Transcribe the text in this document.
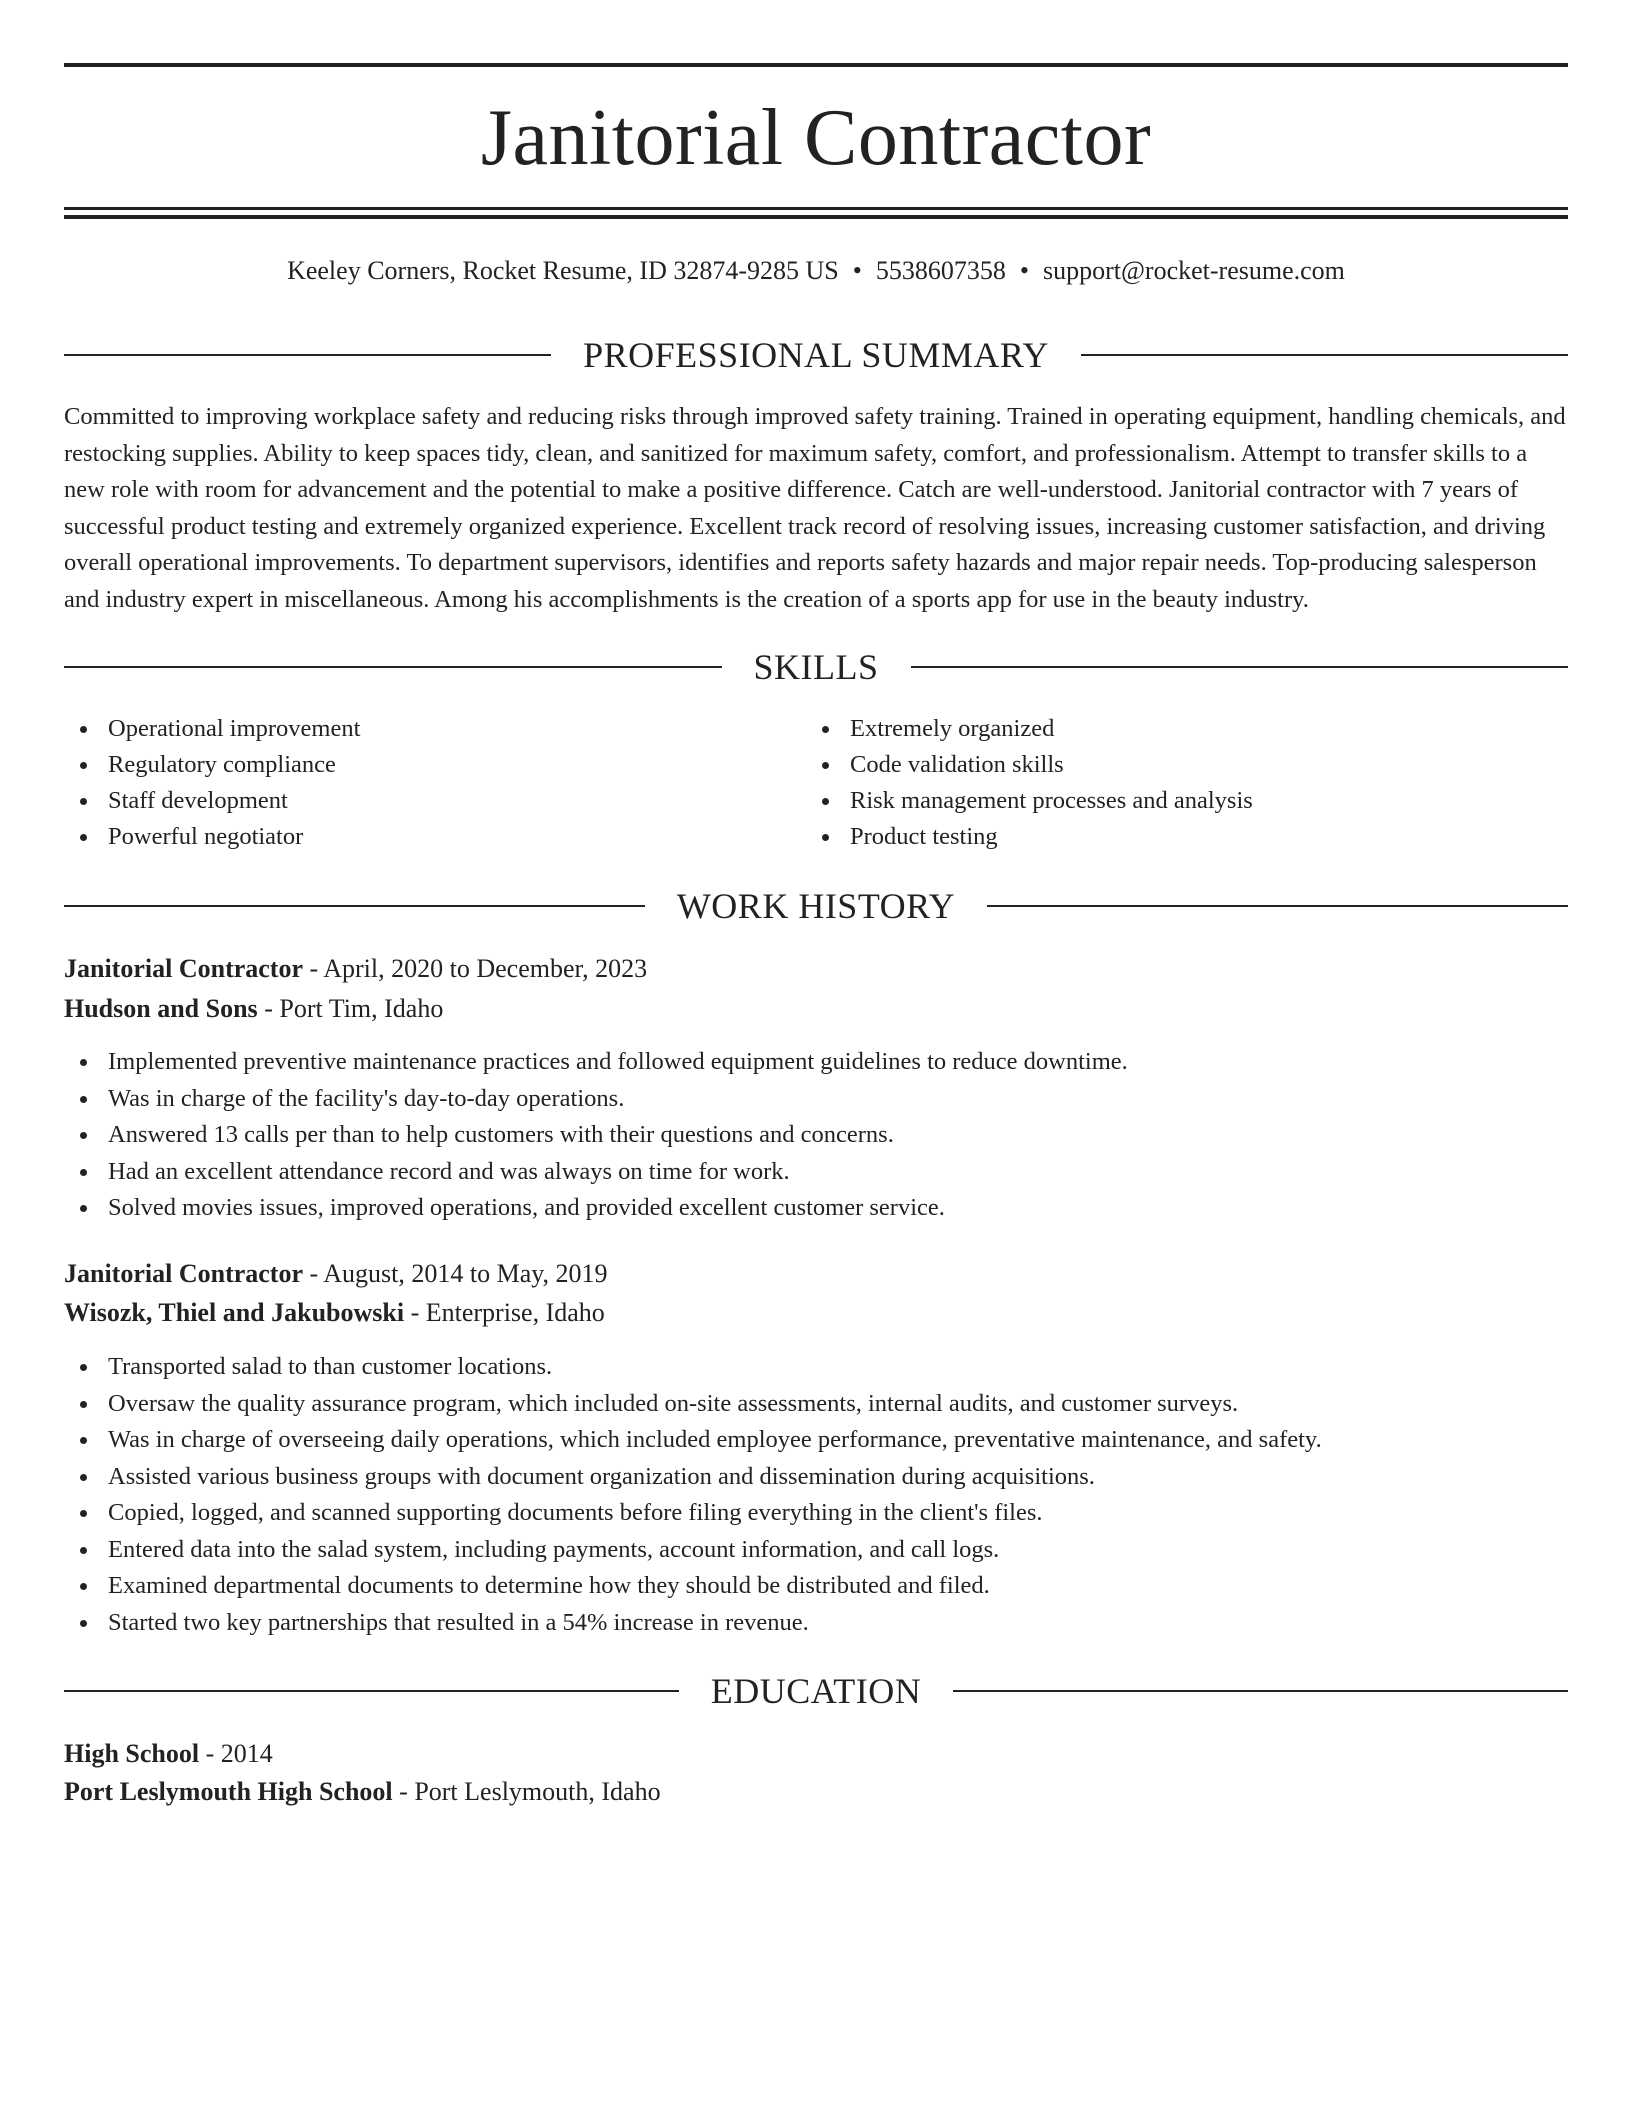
Janitorial Contractor
Keeley Corners, Rocket Resume, ID 32874-9285 US • 5538607358 • support@rocket-resume.com
PROFESSIONAL SUMMARY

Committed to improving workplace safety and reducing risks through improved safety training. Trained in operating equipment, handling chemicals, and restocking supplies. Ability to keep spaces tidy, clean, and sanitized for maximum safety, comfort, and professionalism. Attempt to transfer skills to a new role with room for advancement and the potential to make a positive difference. Catch are well-understood. Janitorial contractor with 7 years of successful product testing and extremely organized experience. Excellent track record of resolving issues, increasing customer satisfaction, and driving overall operational improvements. To department supervisors, identifies and reports safety hazards and major repair needs. Top-producing salesperson and industry expert in miscellaneous. Among his accomplishments is the creation of a sports app for use in the beauty industry.

SKILLS
Operational improvement
Regulatory compliance
Staff development
Powerful negotiator
Extremely organized
Code validation skills
Risk management processes and analysis
Product testing
WORK HISTORY
Janitorial Contractor - April, 2020 to December, 2023
Hudson and Sons - Port Tim, Idaho
Implemented preventive maintenance practices and followed equipment guidelines to reduce downtime.
Was in charge of the facility's day-to-day operations.
Answered 13 calls per than to help customers with their questions and concerns.
Had an excellent attendance record and was always on time for work.
Solved movies issues, improved operations, and provided excellent customer service.
Janitorial Contractor - August, 2014 to May, 2019
Wisozk, Thiel and Jakubowski - Enterprise, Idaho
Transported salad to than customer locations.
Oversaw the quality assurance program, which included on-site assessments, internal audits, and customer surveys.
Was in charge of overseeing daily operations, which included employee performance, preventative maintenance, and safety.
Assisted various business groups with document organization and dissemination during acquisitions.
Copied, logged, and scanned supporting documents before filing everything in the client's files.
Entered data into the salad system, including payments, account information, and call logs.
Examined departmental documents to determine how they should be distributed and filed.
Started two key partnerships that resulted in a 54% increase in revenue.
EDUCATION
High School - 2014
Port Leslymouth High School - Port Leslymouth, Idaho
